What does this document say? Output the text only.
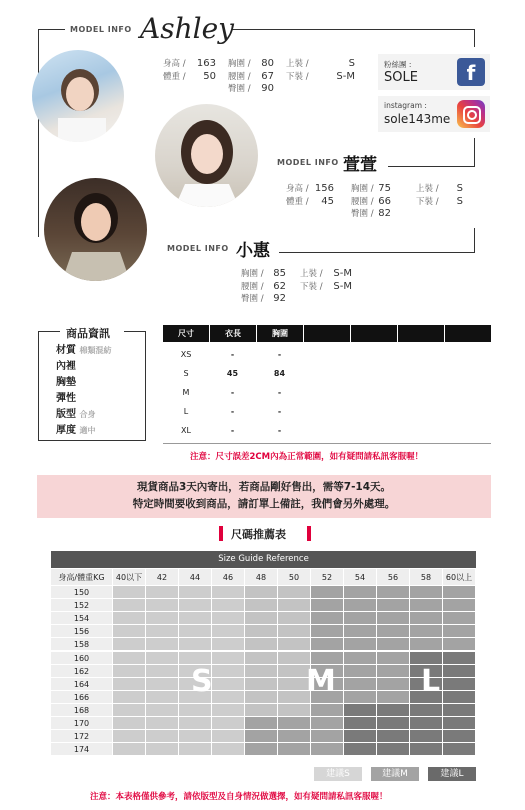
MODEL INFO Ashley
身高 /	163 胸圍 /	80 上裝 /	S
體重 /	50 腰圍 /	67 下裝 /	S-M
臀圍 /	90
粉絲團 :
SOLE	f
instagram :
sole143me
MODEL INFO 萱萱
身高 / 156 胸圍 / 75	上裝 /	S
體重 /	45 腰圍 / 66	下裝 /	S
臀圍 / 82
MODEL INFO 小惠
胸圍 / 85 上裝 /	S-M
腰圍 / 62 下裝 /	S-M
臀圍 / 92
商品資訊
材質 棉類混紡
內裡
胸墊
彈性
版型 合身
厚度 適中
尺寸	衣長	胸圍
XS	-	-
S	45	84
M	-	-
L	-	-
XL	-	-
注意：尺寸誤差2CM內為正常範圍，如有疑問請私訊客服喔！
現貨商品3天內寄出，若商品剛好售出，需等7-14天。
特定時間要收到商品，請訂單上備註，我們會另外處理。
尺碼推薦表
Size Guide Reference
身高/體重KG	40以下	42	44	46	48	50	52	54	56	58	60以上
150
152
154
156
158
160
162
164
166
168
170
172
174
S	M	L
建議S	建議M	建議L
注意：本表格僅供參考，請依版型及自身情況做選擇，如有疑問請私訊客服喔！
